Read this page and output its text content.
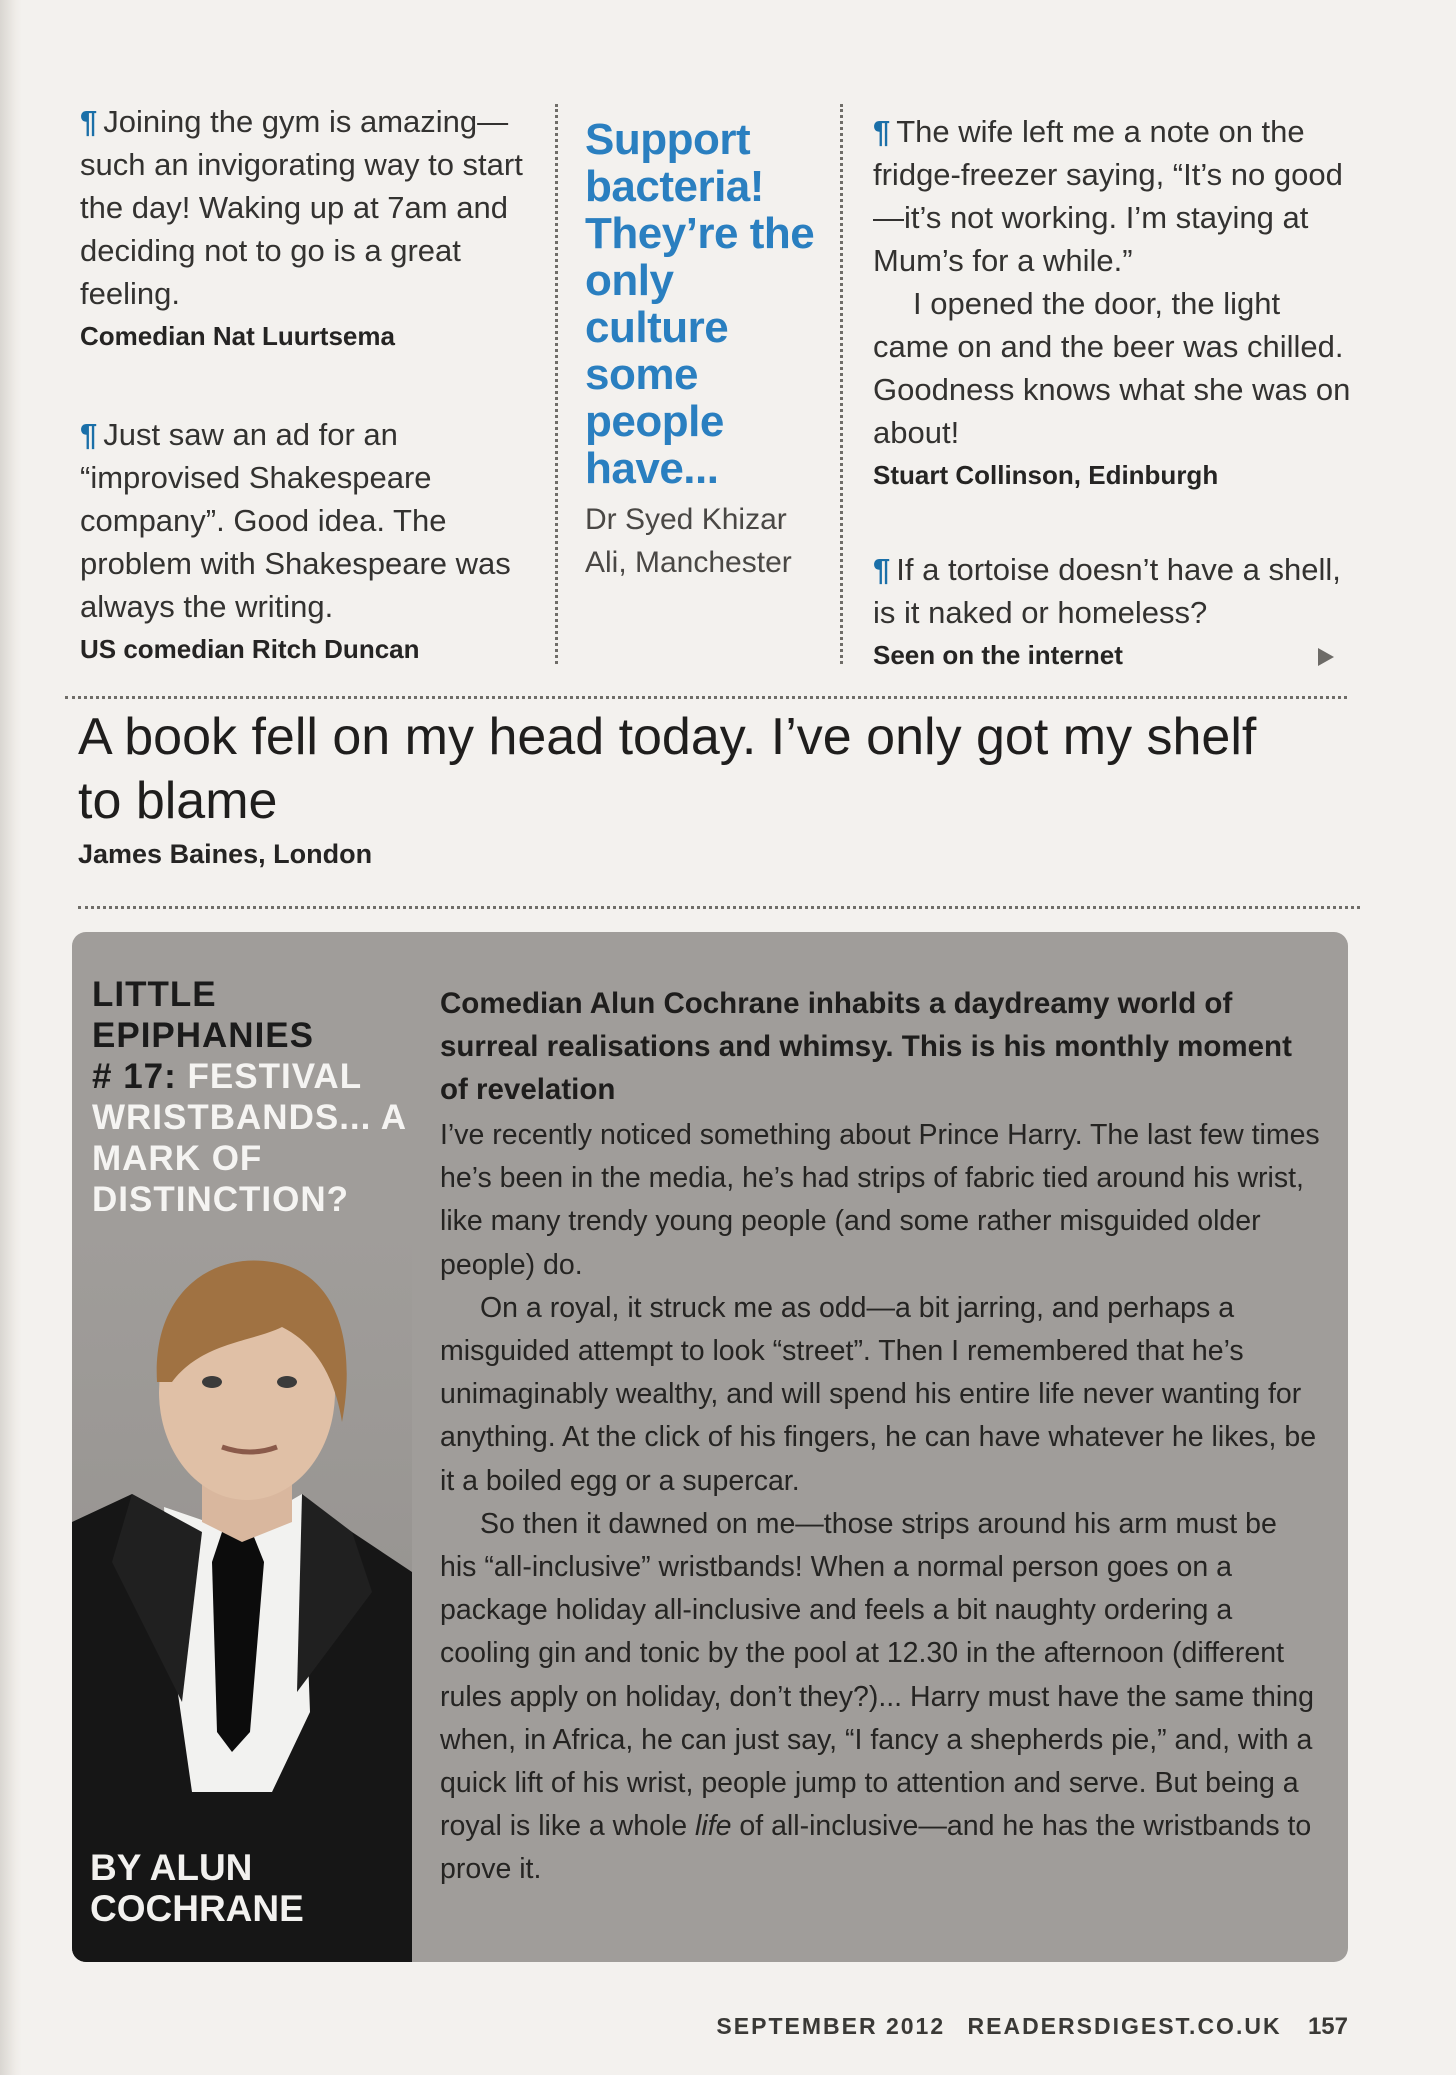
¶ Joining the gym is amazing—such an invigorating way to start the day! Waking up at 7am and deciding not to go is a great feeling.

Comedian Nat Luurtsema

¶ Just saw an ad for an “improvised Shakespeare company”. Good idea. The problem with Shakespeare was always the writing.

US comedian Ritch Duncan

Support bacteria! They’re the only culture some people have...

Dr Syed Khizar Ali, Manchester

¶ The wife left me a note on the fridge-freezer saying, “It’s no good—it’s not working. I’m staying at Mum’s for a while.”
I opened the door, the light came on and the beer was chilled. Goodness knows what she was on about!

Stuart Collinson, Edinburgh

¶ If a tortoise doesn’t have a shell, is it naked or homeless?

Seen on the internet

A book fell on my head today. I’ve only got my shelf to blame
James Baines, London
LITTLE EPIPHANIES
# 17: FESTIVAL WRISTBANDS... A MARK OF DISTINCTION?
BY ALUN COCHRANE

Comedian Alun Cochrane inhabits a daydreamy world of surreal realisations and whimsy. This is his monthly moment of revelation

I’ve recently noticed something about Prince Harry. The last few times he’s been in the media, he’s had strips of fabric tied around his wrist, like many trendy young people (and some rather misguided older people) do.
On a royal, it struck me as odd—a bit jarring, and perhaps a misguided attempt to look “street”. Then I remembered that he’s unimaginably wealthy, and will spend his entire life never wanting for anything. At the click of his fingers, he can have whatever he likes, be it a boiled egg or a supercar.
So then it dawned on me—those strips around his arm must be his “all-inclusive” wristbands! When a normal person goes on a package holiday all-inclusive and feels a bit naughty ordering a cooling gin and tonic by the pool at 12.30 in the afternoon (different rules apply on holiday, don’t they?)... Harry must have the same thing when, in Africa, he can just say, “I fancy a shepherds pie,” and, with a quick lift of his wrist, people jump to attention and serve. But being a royal is like a whole life of all-inclusive—and he has the wristbands to prove it.

SEPTEMBER 2012 READERSDIGEST.CO.UK 157
